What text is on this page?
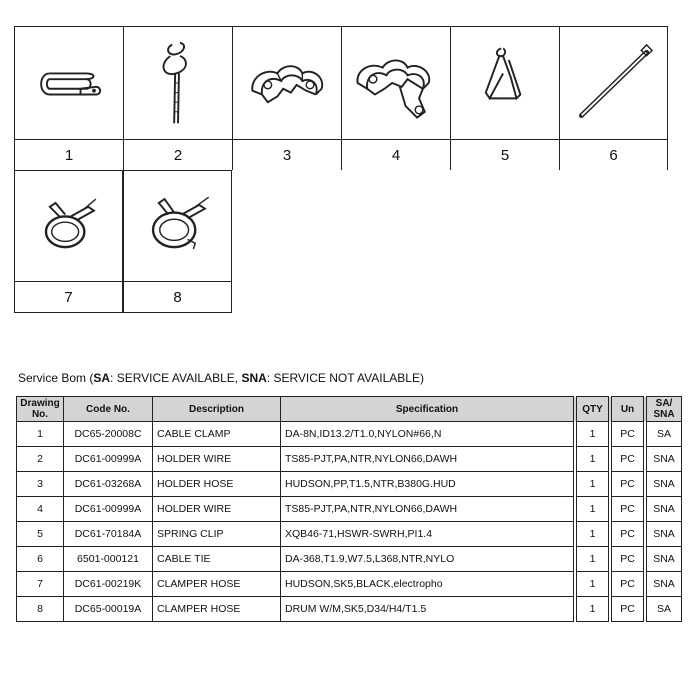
1	2	3	4	5	6
7	8
Service Bom (SA: SERVICE AVAILABLE, SNA: SERVICE NOT AVAILABLE)
Drawing
No.	Code No.	Description	Specification		QTY		Un		SA/
SNA
1	DC65-20008C	CABLE CLAMP	DA-8N,ID13.2/T1.0,NYLON#66,N		1		PC		SA
2	DC61-00999A	HOLDER WIRE	TS85-PJT,PA,NTR,NYLON66,DAWH		1		PC		SNA
3	DC61-03268A	HOLDER HOSE	HUDSON,PP,T1.5,NTR,B380G.HUD		1		PC		SNA
4	DC61-00999A	HOLDER WIRE	TS85-PJT,PA,NTR,NYLON66,DAWH		1		PC		SNA
5	DC61-70184A	SPRING CLIP	XQB46-71,HSWR-SWRH,PI1.4		1		PC		SNA
6	6501-000121	CABLE TIE	DA-368,T1.9,W7.5,L368,NTR,NYLO		1		PC		SNA
7	DC61-00219K	CLAMPER HOSE	HUDSON,SK5,BLACK,electropho		1		PC		SNA
8	DC65-00019A	CLAMPER HOSE	DRUM W/M,SK5,D34/H4/T1.5		1		PC		SA
